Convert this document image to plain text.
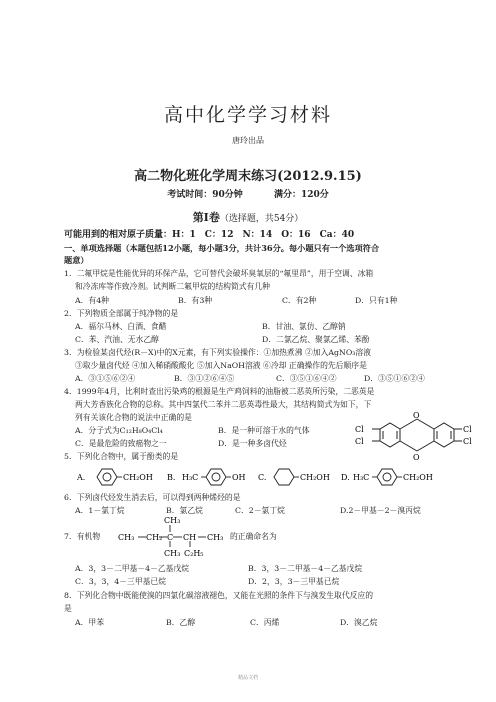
高中化学学习材料
唐玲出品
高二物化班化学周末练习(2012.9.15)
考试时间：90分钟	满分：120分
第Ⅰ卷（选择题，共54分）
可能用到的相对原子质量：H：1　C：12　N：14　O：16　Ca：40
一、单项选择题（本题包括12小题，每小题3分，共计36分。每小题只有一个选项符合
题意）
1．二氟甲烷是性能优异的环保产品，它可替代会破坏臭氧层的“氟里昂”，用于空调、冰箱
和冷冻库等作致冷剂。试判断二氟甲烷的结构简式有几种
A．有4种	B．有3种	C．有2种	D．只有1种
2．下列物质全部属于纯净物的是
A．福尔马林、白酒、食醋	B．甘油、氯仿、乙醇钠
C．苯、汽油、无水乙醇	D．二氯乙烷、聚氯乙烯、苯酚
3．为检验某卤代烃(R－X)中的X元素，有下列实验操作：①加热煮沸 ②加入AgNO₃溶液
③取少量卤代烃 ④加入稀硝酸酸化 ⑤加入NaOH溶液 ⑥冷却 正确操作的先后顺序是
A．③①⑤⑥②④	B．③①②⑥④⑤	C．③⑤①⑥④②	D．③⑤①⑥②④
4．1999年4月，比利时查出污染鸡的根源是生产鸡饲料的油脂被二恶英所污染，二恶英是
两大芳香族化合物的总称。其中四氯代二苯并二恶英毒性最大，其结构简式为如下，下
列有关该化合物的说法中正确的是
A．分子式为C₁₂H₈O₄Cl₄	B．是一种可溶于水的气体
C．是最危险的致癌物之一	D．是一种多卤代烃
Cl
Cl
Cl
Cl
O
O
5．下列化合物中，属于酚类的是
A.	CH₂OH B. H₃C	OH C.	CH₂OH D. H₃C	CH₂OH
6．下列卤代烃发生消去后，可以得到两种烯烃的是
A．1－氯丁烷	B．氯乙烷	C．2－氯丁烷	D.2－甲基－2－溴丙烷
7．有机物
CH₃
CH₃ CH₂ C CH CH₃
CH₃ C₂H₅
的正确命名为
A．3，3－二甲基－4－乙基戊烷	B．3，3－二甲基－4－乙基戊烷
C．3，3，4－三甲基已烷	D．2，3，3－三甲基已烷
8．下列化合物中既能使溴的四氯化碳溶液褪色，又能在光照的条件下与溴发生取代反应的
是
A．甲苯	B．乙醇	C．丙烯	D．溴乙烷
精品文档
